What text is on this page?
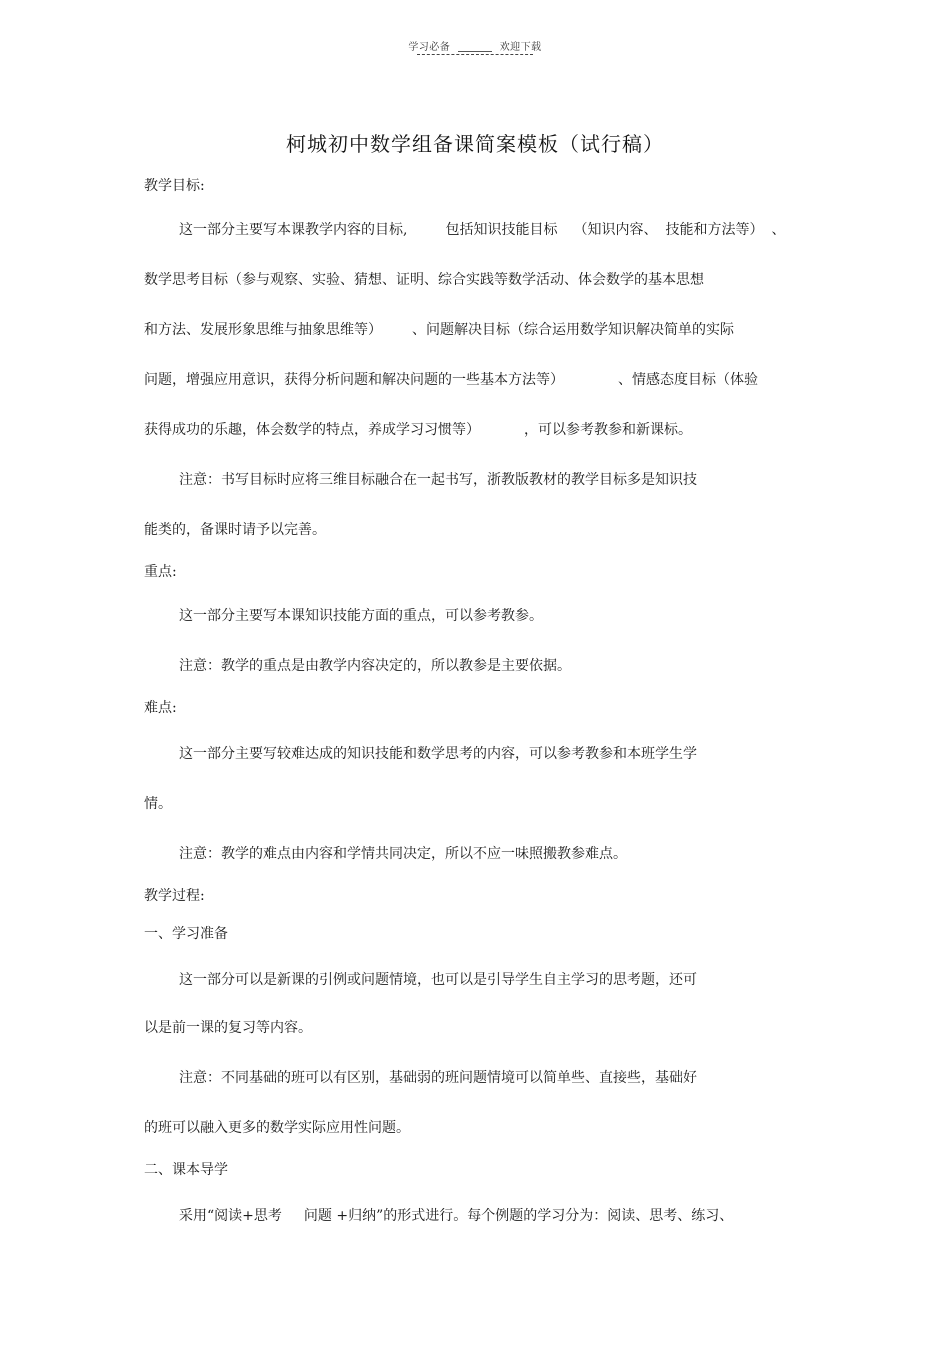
学习必备	欢迎下载
柯城初中数学组备课简案模板（试行稿）
教学目标:
这一部分主要写本课教学内容的目标,	包括知识技能目标 （知识内容、 技能和方法等） 、
数学思考目标（参与观察、实验、猜想、证明、综合实践等数学活动、体会数学的基本思想
和方法、发展形象思维与抽象思维等） 、问题解决目标（综合运用数学知识解决简单的实际
问题，增强应用意识，获得分析问题和解决问题的一些基本方法等）	、情感态度目标（体验
获得成功的乐趣，体会数学的特点，养成学习习惯等）	，可以参考教参和新课标。
注意：书写目标时应将三维目标融合在一起书写，浙教版教材的教学目标多是知识技
能类的，备课时请予以完善。
重点:
这一部分主要写本课知识技能方面的重点，可以参考教参。
注意：教学的重点是由教学内容决定的，所以教参是主要依据。
难点:
这一部分主要写较难达成的知识技能和数学思考的内容，可以参考教参和本班学生学
情。
注意：教学的难点由内容和学情共同决定，所以不应一味照搬教参难点。
教学过程:
一、学习准备
这一部分可以是新课的引例或问题情境，也可以是引导学生自主学习的思考题，还可
以是前一课的复习等内容。
注意：不同基础的班可以有区别，基础弱的班问题情境可以简单些、直接些，基础好
的班可以融入更多的数学实际应用性问题。
二、课本导学
采用“阅读+思考 问题 +归纳”的形式进行。每个例题的学习分为：阅读、思考、练习、
